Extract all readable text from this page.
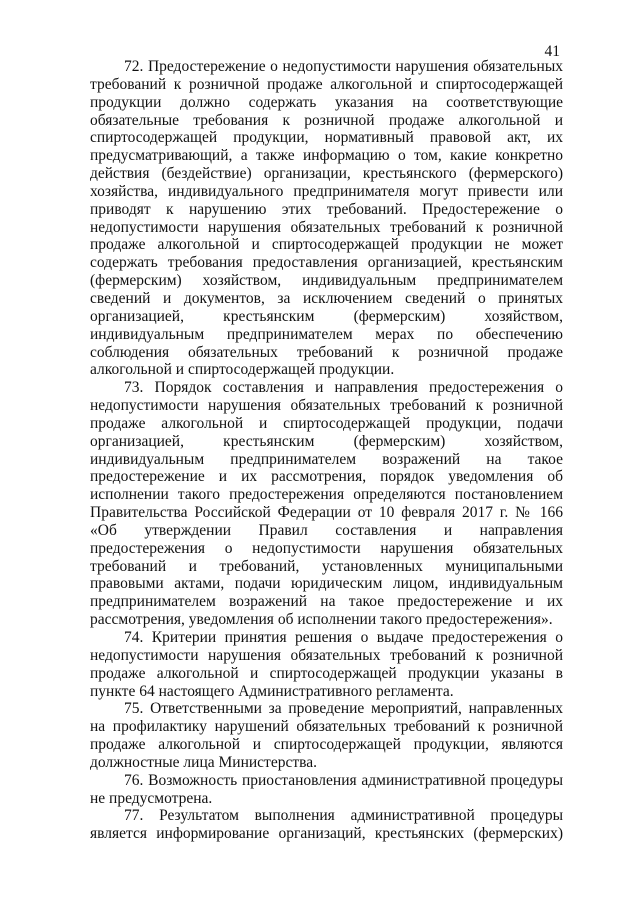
41

72. Предостережение о недопустимости нарушения обязательных требований к розничной продаже алкогольной и спиртосодержащей продукции должно содержать указания на соответствующие обязательные требования к розничной продаже алкогольной и спиртосодержащей продукции, нормативный правовой акт, их предусматривающий, а также информацию о том, какие конкретно действия (бездействие) организации, крестьянского (фермерского) хозяйства, индивидуального предпринимателя могут привести или приводят к нарушению этих требований. Предостережение о недопустимости нарушения обязательных требований к розничной продаже алкогольной и спиртосодержащей продукции не может содержать требования предоставления организацией, крестьянским (фермерским) хозяйством, индивидуальным предпринимателем сведений и документов, за исключением сведений о принятых организацией, крестьянским (фермерским) хозяйством, индивидуальным предпринимателем мерах по обеспечению соблюдения обязательных требований к розничной продаже алкогольной и спиртосодержащей продукции.

73. Порядок составления и направления предостережения о недопустимости нарушения обязательных требований к розничной продаже алкогольной и спиртосодержащей продукции, подачи организацией, крестьянским (фермерским) хозяйством, индивидуальным предпринимателем возражений на такое предостережение и их рассмотрения, порядок уведомления об исполнении такого предостережения определяются постановлением Правительства Российской Федерации от 10 февраля 2017 г. № 166 «Об утверждении Правил составления и направления предостережения о недопустимости нарушения обязательных требований и требований, установленных муниципальными правовыми актами, подачи юридическим лицом, индивидуальным предпринимателем возражений на такое предостережение и их рассмотрения, уведомления об исполнении такого предостережения».

74. Критерии принятия решения о выдаче предостережения о недопустимости нарушения обязательных требований к розничной продаже алкогольной и спиртосодержащей продукции указаны в пункте 64 настоящего Административного регламента.

75. Ответственными за проведение мероприятий, направленных на профилактику нарушений обязательных требований к розничной продаже алкогольной и спиртосодержащей продукции, являются должностные лица Министерства.

76. Возможность приостановления административной процедуры не предусмотрена.

77. Результатом выполнения административной процедуры является информирование организаций, крестьянских (фермерских)
